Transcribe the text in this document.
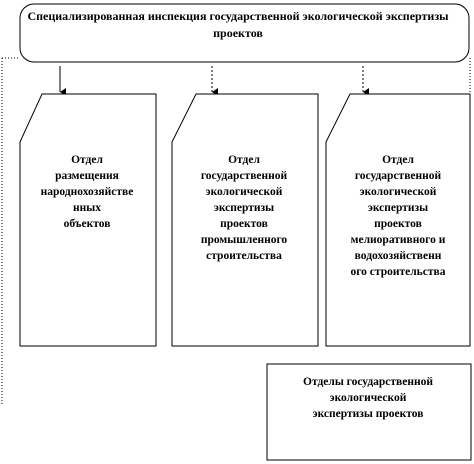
Специализированная инспекция государственной экологической экспертизы проектов
Отдел
размещения
народнохозяйстве
нных
объектов
Отдел
государственной
экологической
экспертизы
проектов
промышленного
строительства
Отдел
государственной
экологической
экспертизы
проектов
мелиоративного и
водохозяйственн
ого строительства
Отделы государственной
экологической
экспертизы проектов
